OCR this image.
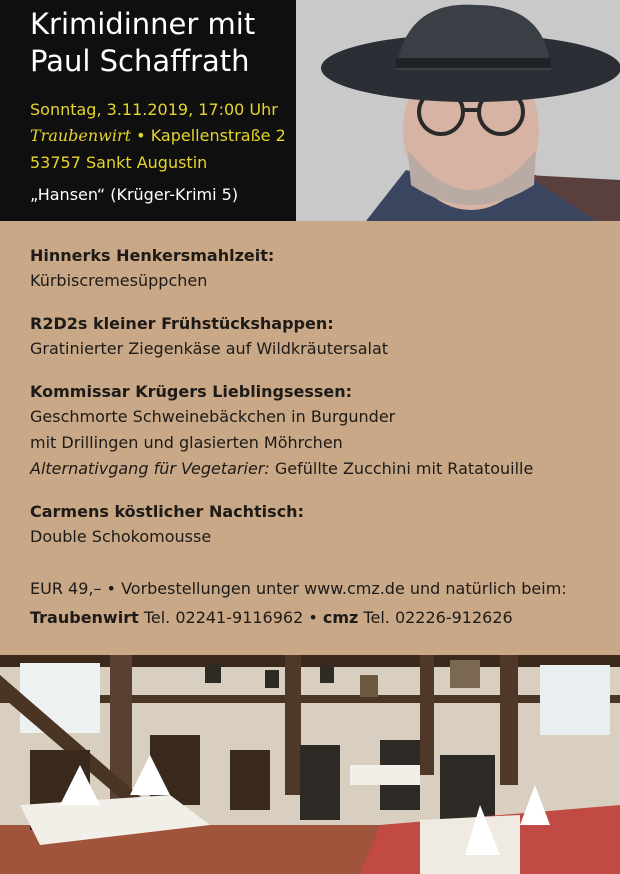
Krimidinner mit
Paul Schaffrath
Sonntag, 3.11.2019, 17:00 Uhr
Traubenwirt • Kapellenstraße 2
53757 Sankt Augustin
„Hansen“ (Krüger-Krimi 5)
Hinnerks Henkersmahlzeit:
Kürbiscremesüppchen
R2D2s kleiner Frühstückshappen:
Gratinierter Ziegenkäse auf Wildkräutersalat
Kommissar Krügers Lieblingsessen:
Geschmorte Schweinebäckchen in Burgunder
mit Drillingen und glasierten Möhrchen
Alternativgang für Vegetarier: Gefüllte Zucchini mit Ratatouille
Carmens köstlicher Nachtisch:
Double Schokomousse
EUR 49,– • Vorbestellungen unter www.cmz.de und natürlich beim:
Traubenwirt Tel. 02241-9116962 • cmz Tel. 02226-912626
